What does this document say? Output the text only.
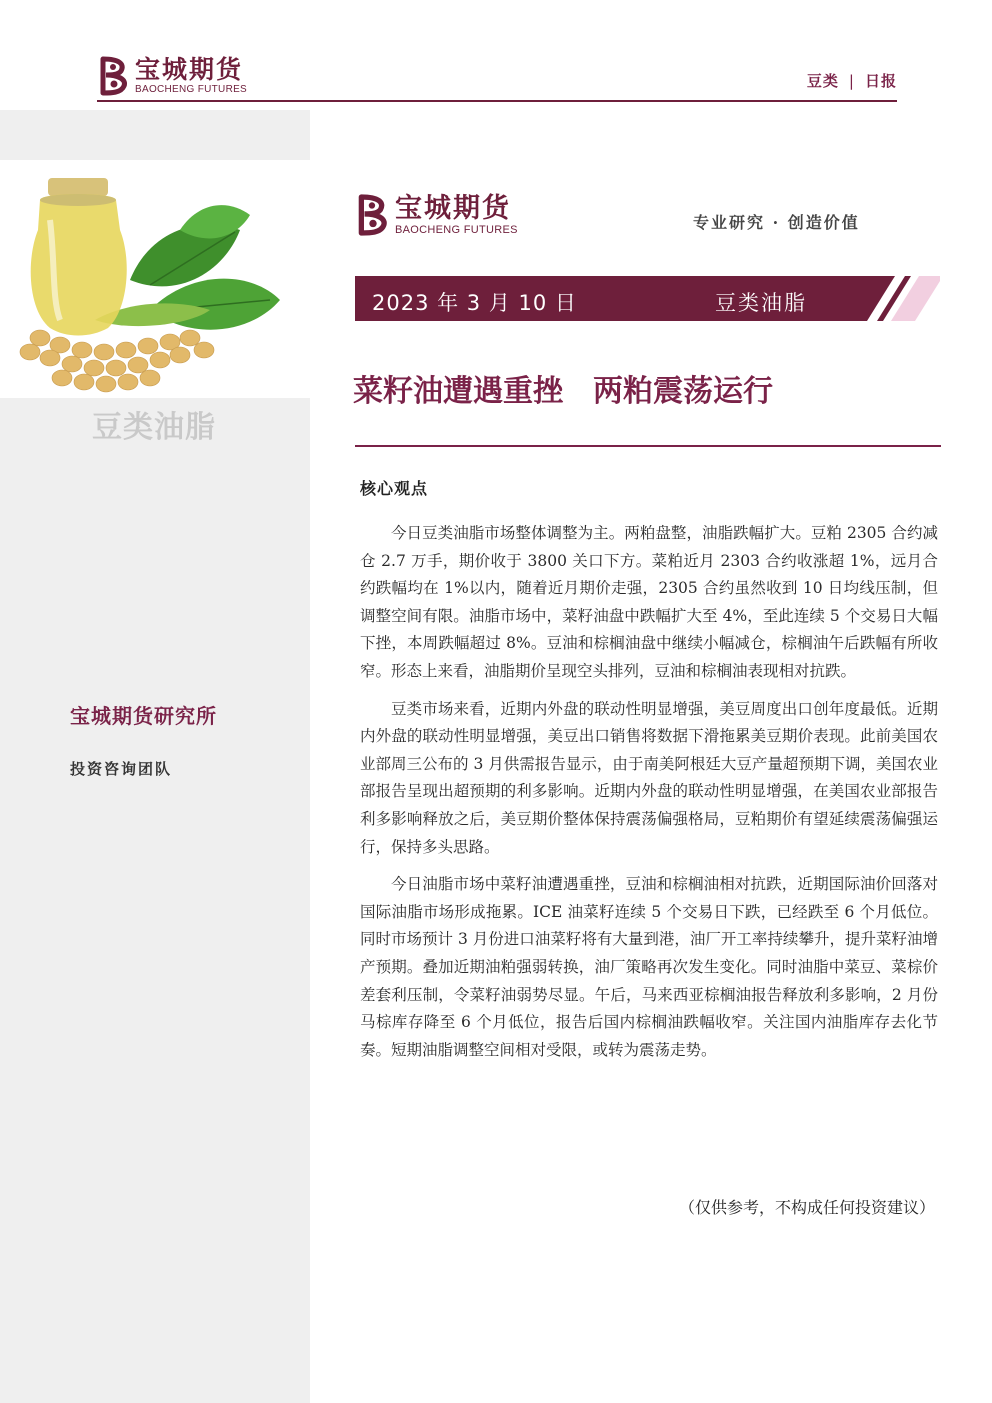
宝城期货
BAOCHENG FUTURES	豆类 | 日报
豆类油脂
宝城期货研究所
投资咨询团队
宝城期货
BAOCHENG FUTURES	专业研究 · 创造价值
2023 年 3 月 10 日	豆类油脂
菜籽油遭遇重挫　两粕震荡运行
核心观点

今日豆类油脂市场整体调整为主。两粕盘整，油脂跌幅扩大。豆粕 2305 合约减仓 2.7 万手，期价收于 3800 关口下方。菜粕近月 2303 合约收涨超 1%，远月合约跌幅均在 1%以内，随着近月期价走强，2305 合约虽然收到 10 日均线压制，但调整空间有限。油脂市场中，菜籽油盘中跌幅扩大至 4%，至此连续 5 个交易日大幅下挫，本周跌幅超过 8%。豆油和棕榈油盘中继续小幅减仓，棕榈油午后跌幅有所收窄。形态上来看，油脂期价呈现空头排列，豆油和棕榈油表现相对抗跌。

豆类市场来看，近期内外盘的联动性明显增强，美豆周度出口创年度最低。近期内外盘的联动性明显增强，美豆出口销售将数据下滑拖累美豆期价表现。此前美国农业部周三公布的 3 月供需报告显示，由于南美阿根廷大豆产量超预期下调，美国农业部报告呈现出超预期的利多影响。近期内外盘的联动性明显增强，在美国农业部报告利多影响释放之后，美豆期价整体保持震荡偏强格局，豆粕期价有望延续震荡偏强运行，保持多头思路。

今日油脂市场中菜籽油遭遇重挫，豆油和棕榈油相对抗跌，近期国际油价回落对国际油脂市场形成拖累。ICE 油菜籽连续 5 个交易日下跌，已经跌至 6 个月低位。同时市场预计 3 月份进口油菜籽将有大量到港，油厂开工率持续攀升，提升菜籽油增产预期。叠加近期油粕强弱转换，油厂策略再次发生变化。同时油脂中菜豆、菜棕价差套利压制，令菜籽油弱势尽显。午后，马来西亚棕榈油报告释放利多影响，2 月份马棕库存降至 6 个月低位，报告后国内棕榈油跌幅收窄。关注国内油脂库存去化节奏。短期油脂调整空间相对受限，或转为震荡走势。

（仅供参考，不构成任何投资建议）
